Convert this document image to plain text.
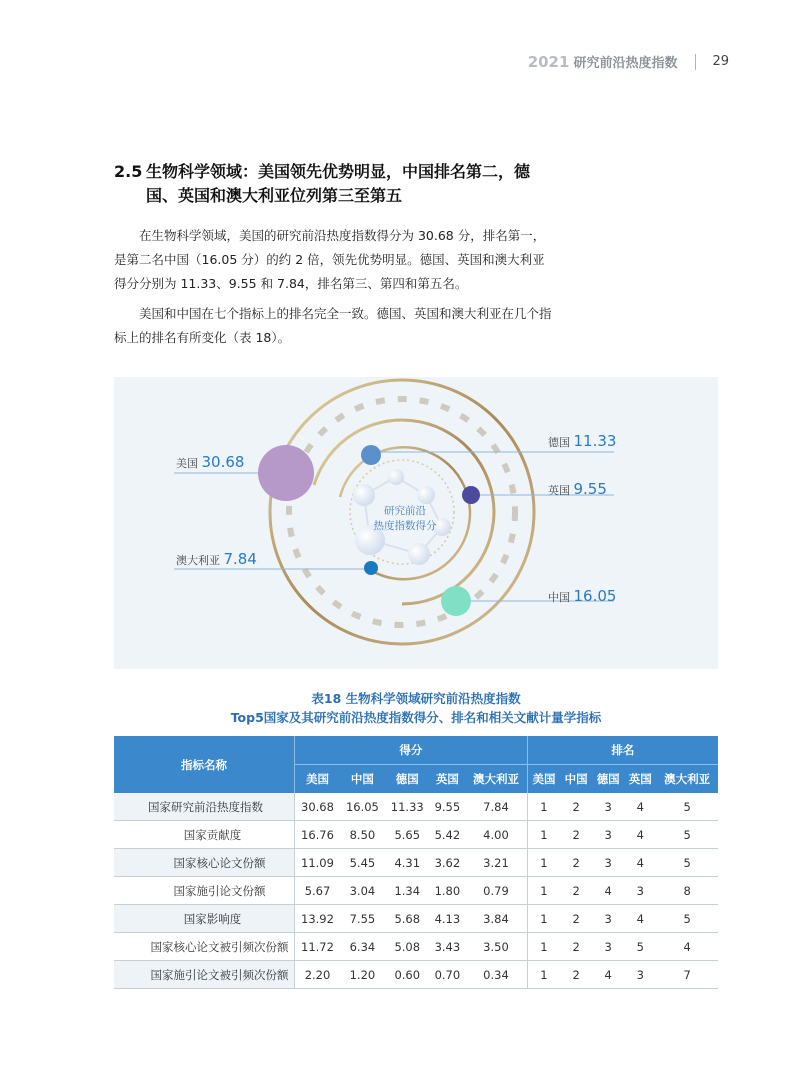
2021 研究前沿热度指数	29
2.5 生物科学领域：美国领先优势明显，中国排名第二，德
国、英国和澳大利亚位列第三至第五

在生物科学领域，美国的研究前沿热度指数得分为 30.68 分，排名第一，是第二名中国（16.05 分）的约 2 倍，领先优势明显。德国、英国和澳大利亚得分分别为 11.33、9.55 和 7.84，排名第三、第四和第五名。

美国和中国在七个指标上的排名完全一致。德国、英国和澳大利亚在几个指标上的排名有所变化（表 18）。

研究前沿
热度指数得分
美国 30.68
德国 11.33
英国 9.55
澳大利亚 7.84
中国 16.05
表18 生物科学领域研究前沿热度指数
Top5国家及其研究前沿热度指数得分、排名和相关文献计量学指标
指标名称	得分					排名				
	美国	中国	德国	英国	澳大利亚	美国	中国	德国	英国	澳大利亚
国家研究前沿热度指数	30.68	16.05	11.33	9.55	7.84	1	2	3	4	5
国家贡献度	16.76	8.50	5.65	5.42	4.00	1	2	3	4	5
国家核心论文份额	11.09	5.45	4.31	3.62	3.21	1	2	3	4	5
国家施引论文份额	5.67	3.04	1.34	1.80	0.79	1	2	4	3	8
国家影响度	13.92	7.55	5.68	4.13	3.84	1	2	3	4	5
国家核心论文被引频次份额	11.72	6.34	5.08	3.43	3.50	1	2	3	5	4
国家施引论文被引频次份额	2.20	1.20	0.60	0.70	0.34	1	2	4	3	7
